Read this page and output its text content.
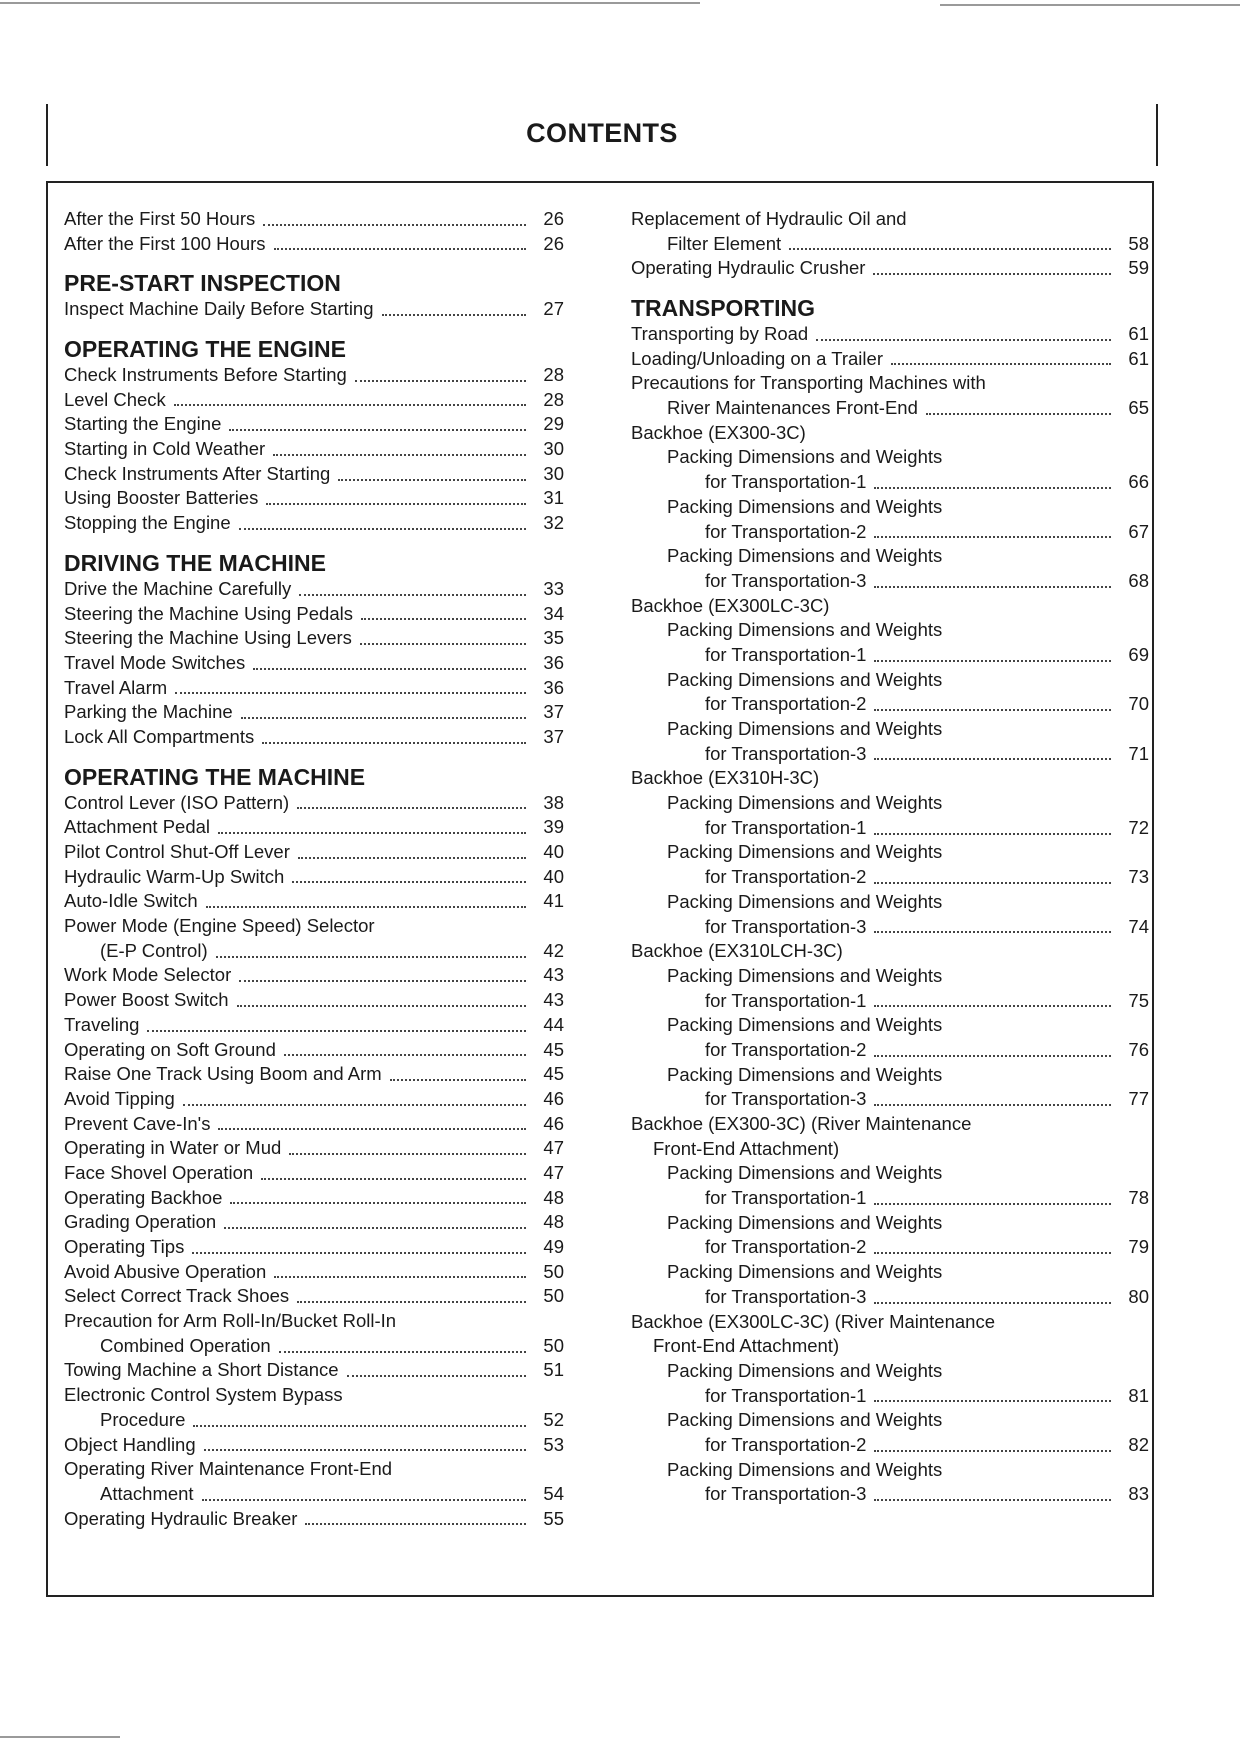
CONTENTS
After the First 50 Hours	26
After the First 100 Hours	26
PRE-START INSPECTION
Inspect Machine Daily Before Starting	27
OPERATING THE ENGINE
Check Instruments Before Starting	28
Level Check	28
Starting the Engine	29
Starting in Cold Weather	30
Check Instruments After Starting	30
Using Booster Batteries	31
Stopping the Engine	32
DRIVING THE MACHINE
Drive the Machine Carefully	33
Steering the Machine Using Pedals	34
Steering the Machine Using Levers	35
Travel Mode Switches	36
Travel Alarm	36
Parking the Machine	37
Lock All Compartments	37
OPERATING THE MACHINE
Control Lever (ISO Pattern)	38
Attachment Pedal	39
Pilot Control Shut-Off Lever	40
Hydraulic Warm-Up Switch	40
Auto-Idle Switch	41
Power Mode (Engine Speed) Selector
(E-P Control)	42
Work Mode Selector	43
Power Boost Switch	43
Traveling	44
Operating on Soft Ground	45
Raise One Track Using Boom and Arm	45
Avoid Tipping	46
Prevent Cave-In's	46
Operating in Water or Mud	47
Face Shovel Operation	47
Operating Backhoe	48
Grading Operation	48
Operating Tips	49
Avoid Abusive Operation	50
Select Correct Track Shoes	50
Precaution for Arm Roll-In/Bucket Roll-In
Combined Operation	50
Towing Machine a Short Distance	51
Electronic Control System Bypass
Procedure	52
Object Handling	53
Operating River Maintenance Front-End
Attachment	54
Operating Hydraulic Breaker	55
Replacement of Hydraulic Oil and
Filter Element	58
Operating Hydraulic Crusher	59
TRANSPORTING
Transporting by Road	61
Loading/Unloading on a Trailer	61
Precautions for Transporting Machines with
River Maintenances Front-End	65
Backhoe (EX300-3C)
Packing Dimensions and Weights
for Transportation-1	66
Packing Dimensions and Weights
for Transportation-2	67
Packing Dimensions and Weights
for Transportation-3	68
Backhoe (EX300LC-3C)
Packing Dimensions and Weights
for Transportation-1	69
Packing Dimensions and Weights
for Transportation-2	70
Packing Dimensions and Weights
for Transportation-3	71
Backhoe (EX310H-3C)
Packing Dimensions and Weights
for Transportation-1	72
Packing Dimensions and Weights
for Transportation-2	73
Packing Dimensions and Weights
for Transportation-3	74
Backhoe (EX310LCH-3C)
Packing Dimensions and Weights
for Transportation-1	75
Packing Dimensions and Weights
for Transportation-2	76
Packing Dimensions and Weights
for Transportation-3	77
Backhoe (EX300-3C) (River Maintenance
Front-End Attachment)
Packing Dimensions and Weights
for Transportation-1	78
Packing Dimensions and Weights
for Transportation-2	79
Packing Dimensions and Weights
for Transportation-3	80
Backhoe (EX300LC-3C) (River Maintenance
Front-End Attachment)
Packing Dimensions and Weights
for Transportation-1	81
Packing Dimensions and Weights
for Transportation-2	82
Packing Dimensions and Weights
for Transportation-3	83
